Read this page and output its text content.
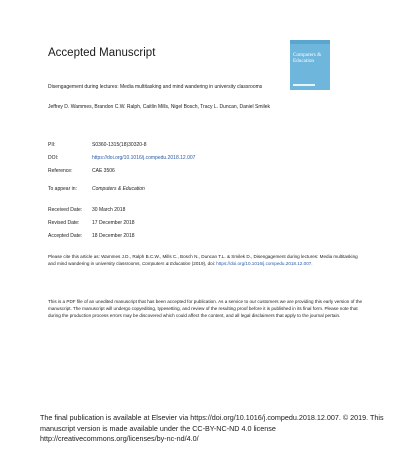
Accepted Manuscript	Computers & Education

Disengagement during lectures: Media multitasking and mind wandering in university classrooms

Jeffrey D. Wammes, Brandon C.W. Ralph, Caitlin Mills, Nigel Bosch, Tracy L. Duncan, Daniel Smilek

PII:	S0360-1315(18)30320-8
DOI:	https://doi.org/10.1016/j.compedu.2018.12.007
Reference:	CAE 3506
To appear in:	Computers & Education
Received Date: 30 March 2018
Revised Date:	17 December 2018
Accepted Date: 18 December 2018

Please cite this article as: Wammes J.D., Ralph B.C.W., Mills C., Bosch N., Duncan T.L. & Smilek D., Disengagement during lectures: Media multitasking and mind wandering in university classrooms, Computers & Education (2019), doi: https://doi.org/10.1016/j.compedu.2018.12.007.

This is a PDF file of an unedited manuscript that has been accepted for publication. As a service to our customers we are providing this early version of the manuscript. The manuscript will undergo copyediting, typesetting, and review of the resulting proof before it is published in its final form. Please note that during the production process errors may be discovered which could affect the content, and all legal disclaimers that apply to the journal pertain.

The final publication is available at Elsevier via https://doi.org/10.1016/j.compedu.2018.12.007. © 2019. This manuscript version is made available under the CC-BY-NC-ND 4.0 license http://creativecommons.org/licenses/by-nc-nd/4.0/
